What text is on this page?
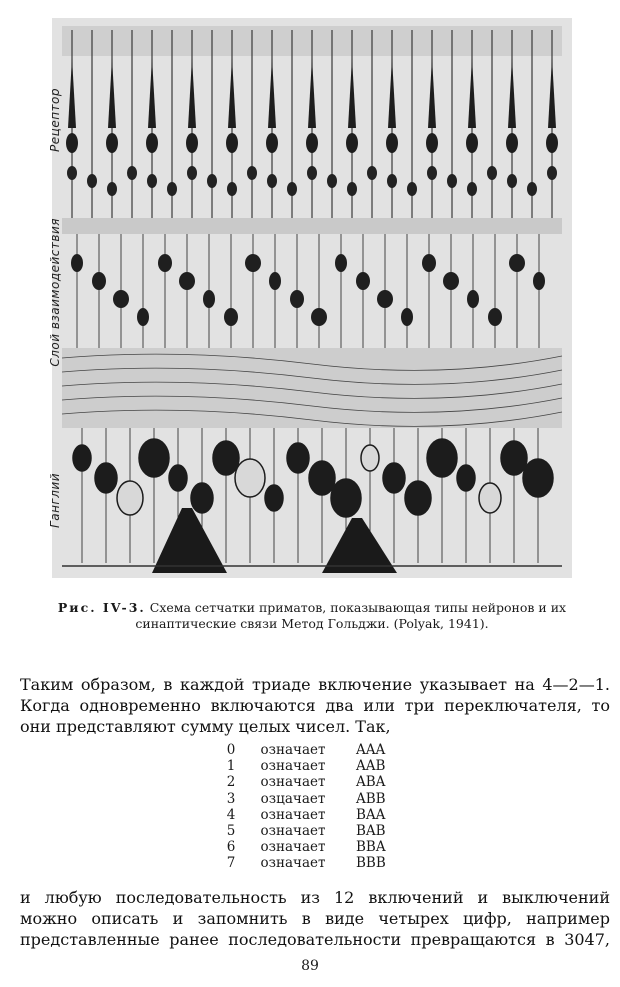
Рецептор
Слой взаимодействия
Ганглий
Рис. IV-3. Схема сетчатки приматов, показывающая типы нейронов и их синаптические связи Метод Гольджи. (Polyak, 1941).
Таким образом, в каждой триаде включение указывает на 4—2—1.
Когда одновременно включаются два или три переключателя, то
они представляют сумму целых чисел. Так,
0	означает	AAA
1	означает	AAB
2	означает	ABA
3	озцачает	ABB
4	означает	BAA
5	означает	BAB
6	означает	BBA
7	означает	BBB
и любую последовательность из 12 включений и выключений
можно описать и запомнить в виде четырех цифр, например
представленные ранее последовательности превращаются в 3047,
89
